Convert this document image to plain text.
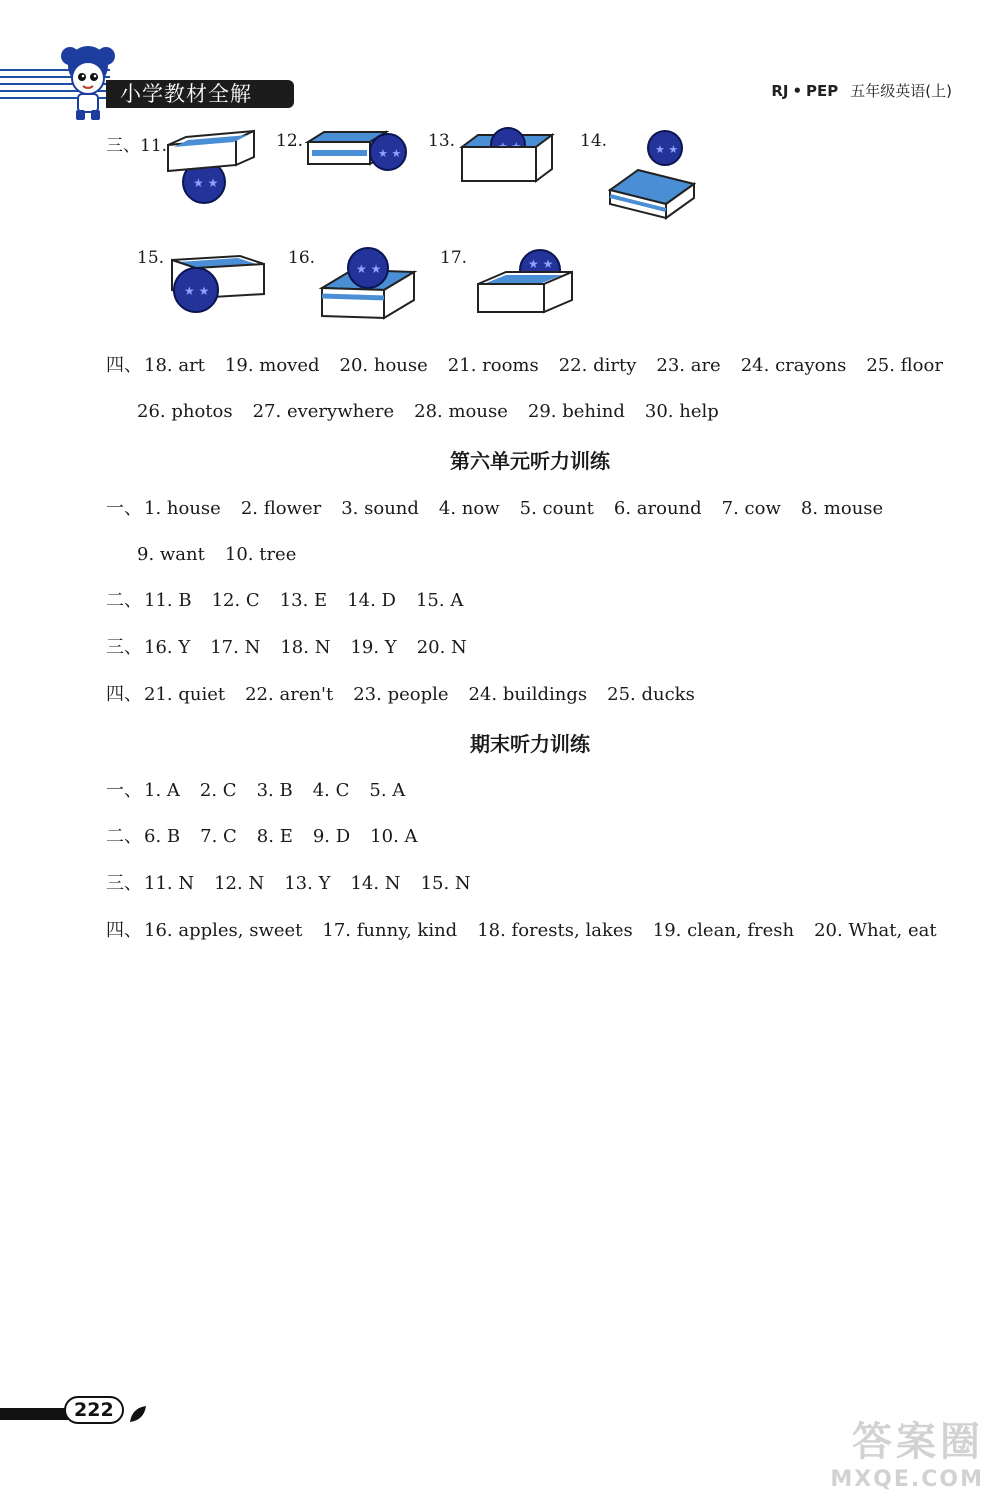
小学教材全解	RJ • PEP 五年级英语(上)
三、11.	12.	13.	14.
15.	16.	17.
★ ★
★ ★	★ ★
★ ★
★ ★	★ ★
四、 18. art 19. moved 20. house 21. rooms 22. dirty 23. are 24. crayons 25. floor
26. photos 27. everywhere 28. mouse 29. behind 30. help
第六单元听力训练
一、 1. house 2. flower 3. sound 4. now 5. count 6. around 7. cow 8. mouse
9. want 10. tree
二、 11. B 12. C 13. E 14. D 15. A
三、 16. Y 17. N 18. N 19. Y 20. N
四、 21. quiet 22. aren't 23. people 24. buildings 25. ducks
期末听力训练
一、 1. A 2. C 3. B 4. C 5. A
二、 6. B 7. C 8. E 9. D 10. A
三、 11. N 12. N 13. Y 14. N 15. N
四、 16. apples, sweet 17. funny, kind 18. forests, lakes 19. clean, fresh 20. What, eat
222
答案圈
MXQE.COM
